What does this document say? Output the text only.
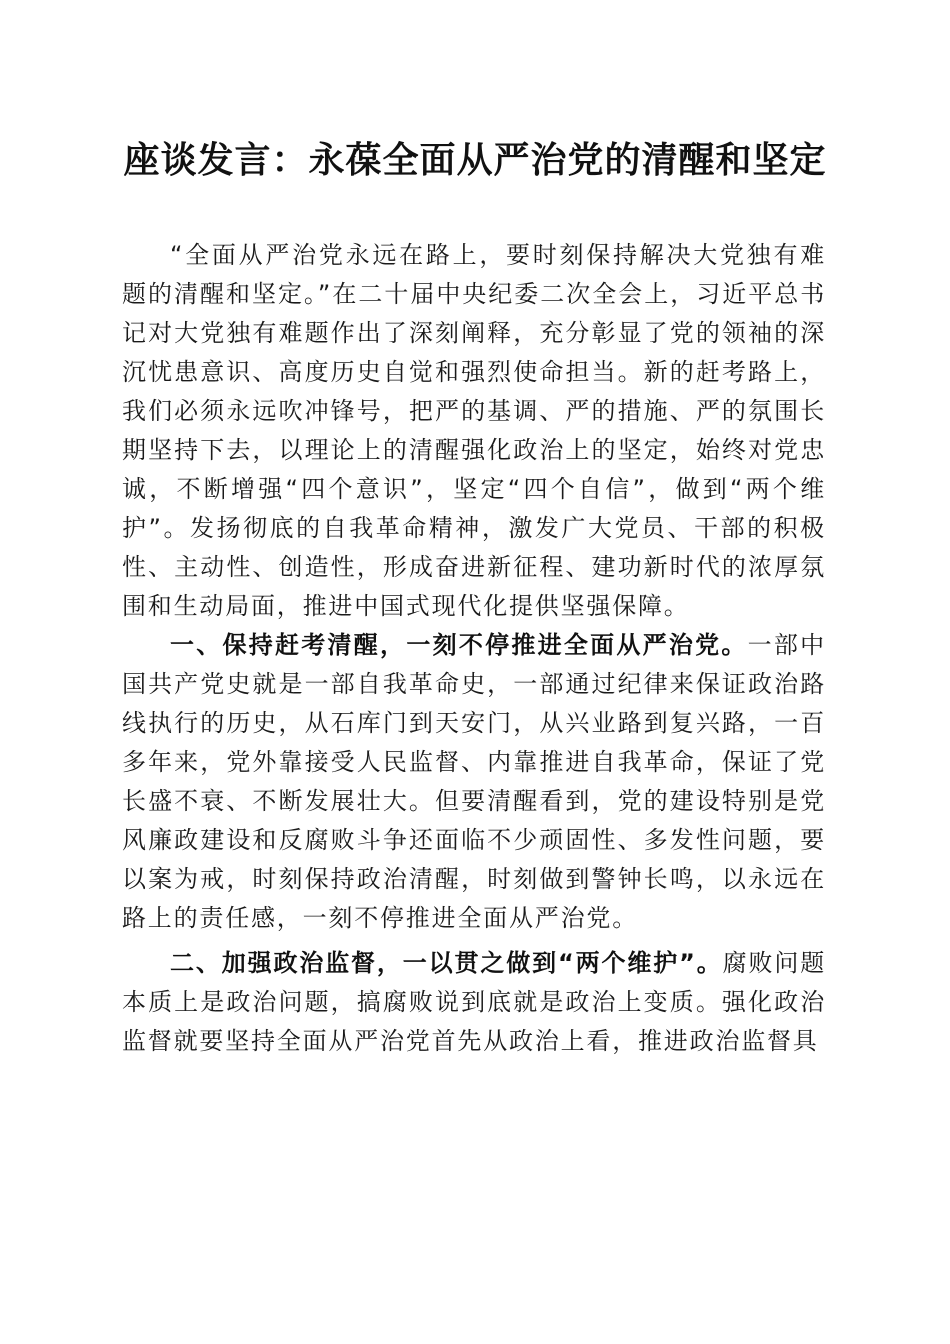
座谈发言：永葆全面从严治党的清醒和坚定

“全面从严治党永远在路上，要时刻保持解决大党独有难题的清醒和坚定。”在二十届中央纪委二次全会上，习近平总书记对大党独有难题作出了深刻阐释，充分彰显了党的领袖的深沉忧患意识、高度历史自觉和强烈使命担当。新的赶考路上，我们必须永远吹冲锋号，把严的基调、严的措施、严的氛围长期坚持下去，以理论上的清醒强化政治上的坚定，始终对党忠诚，不断增强“四个意识”，坚定“四个自信”，做到“两个维护”。发扬彻底的自我革命精神，激发广大党员、干部的积极性、主动性、创造性，形成奋进新征程、建功新时代的浓厚氛围和生动局面，推进中国式现代化提供坚强保障。

一、保持赶考清醒，一刻不停推进全面从严治党。一部中国共产党史就是一部自我革命史，一部通过纪律来保证政治路线执行的历史，从石库门到天安门，从兴业路到复兴路，一百多年来，党外靠接受人民监督、内靠推进自我革命，保证了党长盛不衰、不断发展壮大。但要清醒看到，党的建设特别是党风廉政建设和反腐败斗争还面临不少顽固性、多发性问题，要以案为戒，时刻保持政治清醒，时刻做到警钟长鸣，以永远在路上的责任感，一刻不停推进全面从严治党。

二、加强政治监督，一以贯之做到“两个维护”。腐败问题本质上是政治问题，搞腐败说到底就是政治上变质。强化政治监督就要坚持全面从严治党首先从政治上看，推进政治监督具
